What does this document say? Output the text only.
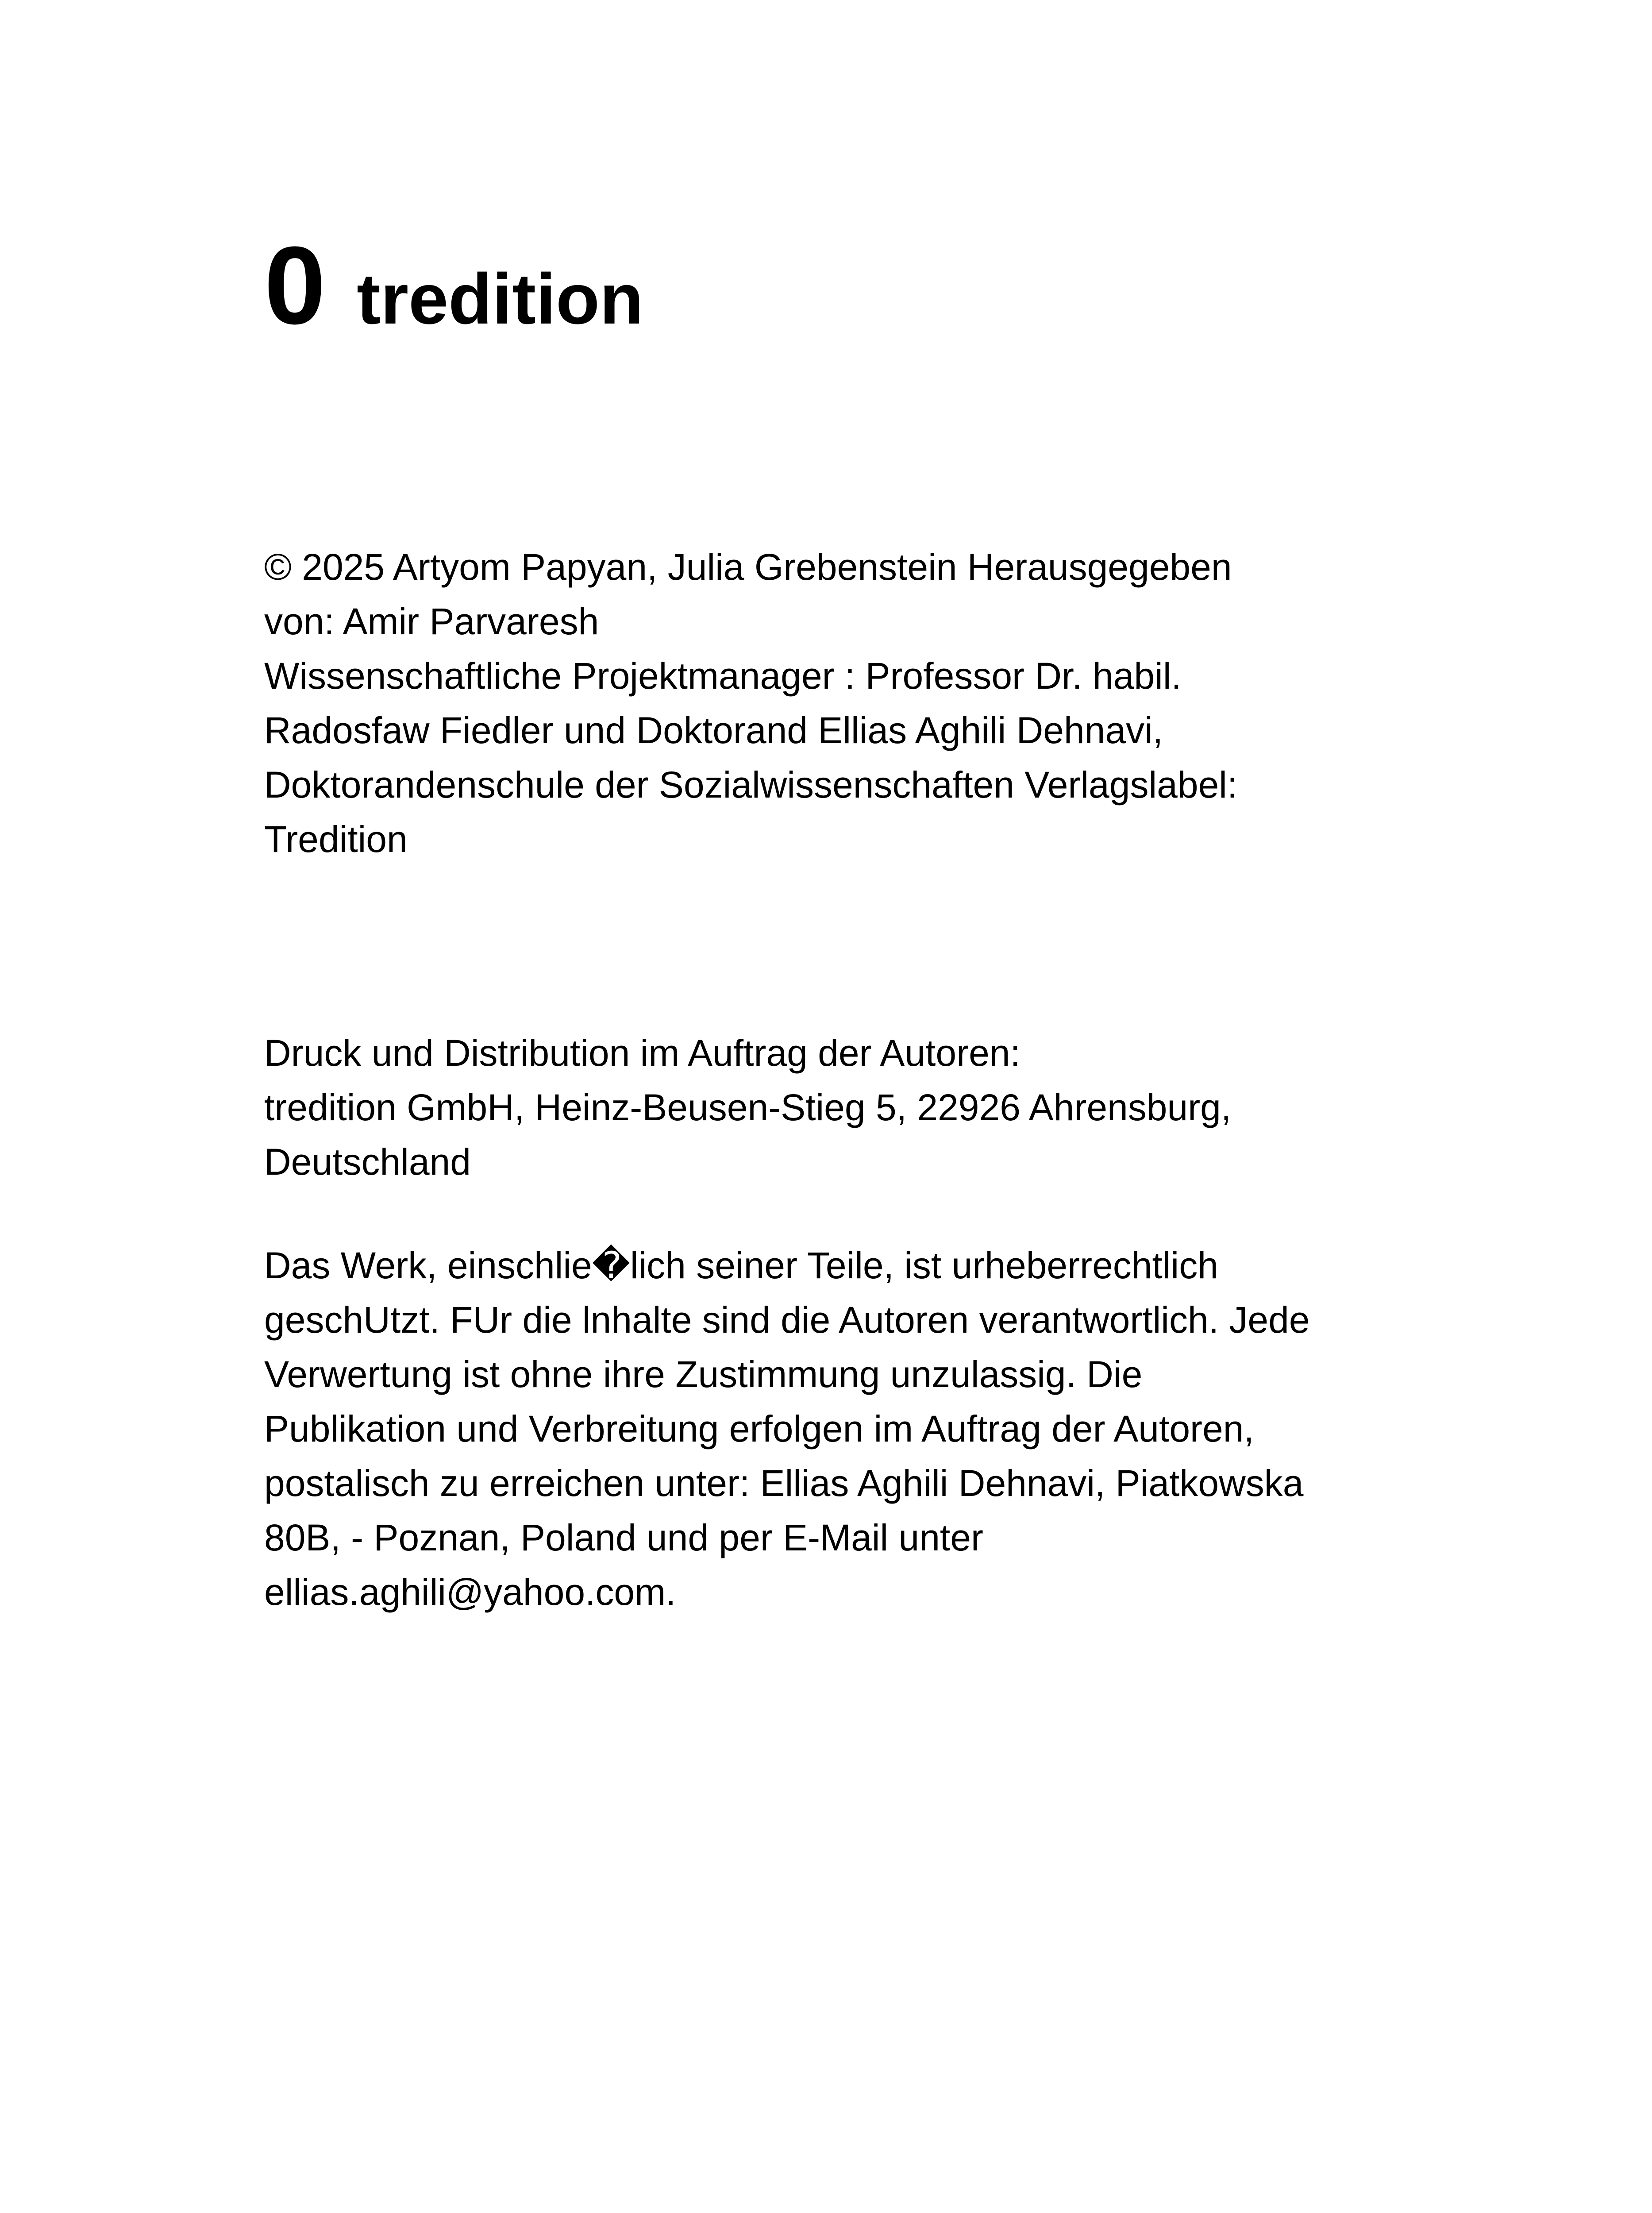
0 tredition
© 2025 Artyom Papyan, Julia Grebenstein Herausgegeben
von: Amir Parvaresh
Wissenschaftliche Projektmanager : Professor Dr. habil.
Radosfaw Fiedler und Doktorand Ellias Aghili Dehnavi,
Doktorandenschule der Sozialwissenschaften Verlagslabel:
Tredition
Druck und Distribution im Auftrag der Autoren:
tredition GmbH, Heinz-Beusen-Stieg 5, 22926 Ahrensburg,
Deutschland
Das Werk, einschlie�lich seiner Teile, ist urheberrechtlich
geschUtzt. FUr die lnhalte sind die Autoren verantwortlich. Jede
Verwertung ist ohne ihre Zustimmung unzulassig. Die
Publikation und Verbreitung erfolgen im Auftrag der Autoren,
postalisch zu erreichen unter: Ellias Aghili Dehnavi, Piatkowska
80B, - Poznan, Poland und per E-Mail unter
ellias.aghili@yahoo.com.
